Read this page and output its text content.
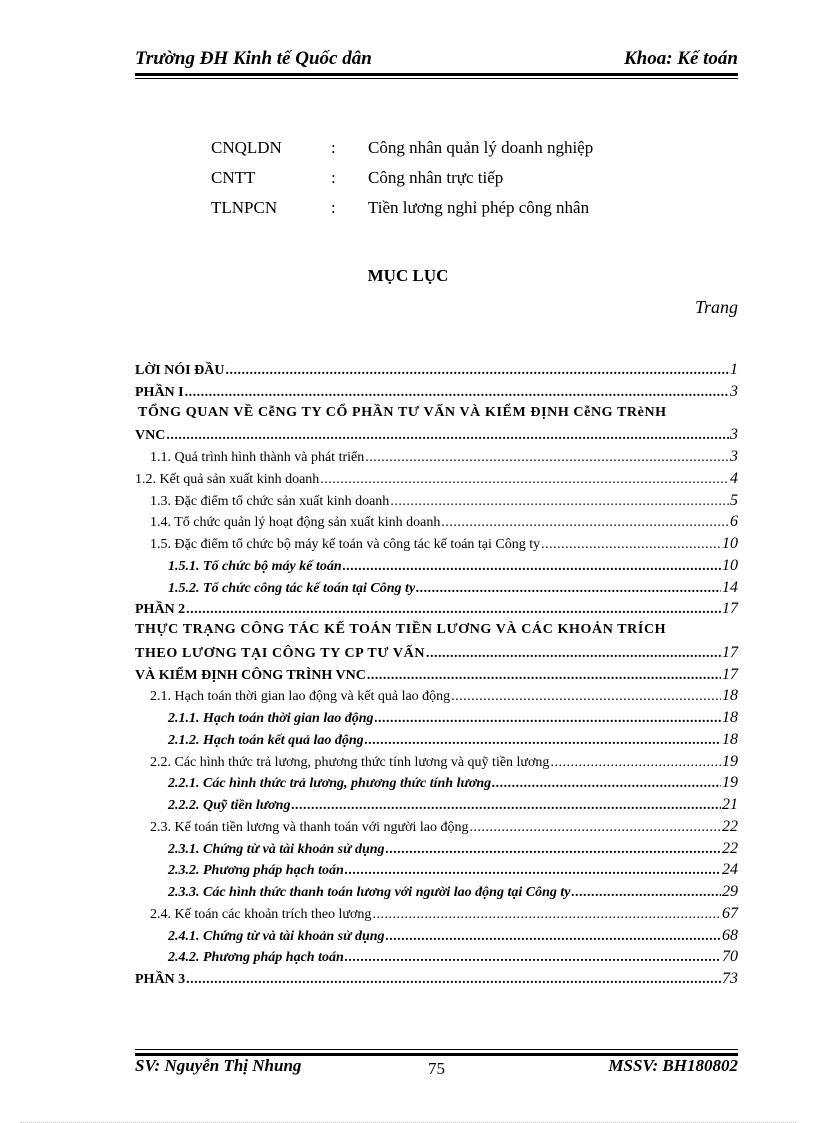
Trường ĐH Kinh tế Quốc dân	Khoa: Kế toán
CNQLDN	:	Công nhân quản lý doanh nghiệp
CNTT	:	Công nhân trực tiếp
TLNPCN	:	Tiền lương nghỉ phép công nhân
MỤC LỤC
Trang
LỜI NÓI ĐẦU .....	1
PHẦN I .....	3
TỔNG QUAN VỀ CễNG TY CỔ PHẦN TƯ VẤN VÀ KIỂM ĐỊNH CễNG TRèNH
VNC .....	3
1.1. Quá trình hình thành và phát triển .....	3
1.2. Kết quả sản xuất kinh doanh .....	4
1.3. Đặc điểm tổ chức sản xuất kinh doanh .....	5
1.4. Tổ chức quản lý hoạt động sản xuất kinh doanh .....	6
1.5. Đặc điểm tổ chức bộ máy kế toán và công tác kế toán tại Công ty .....	10
1.5.1. Tổ chức bộ máy kế toán .....	10
1.5.2. Tổ chức công tác kế toán tại Công ty .....	14
PHẦN 2 .....	17
THỰC TRẠNG CÔNG TÁC KẾ TOÁN TIỀN LƯƠNG VÀ CÁC KHOẢN TRÍCH
THEO LƯƠNG TẠI CÔNG TY CP TƯ VẤN .....	17
VÀ KIỂM ĐỊNH CÔNG TRÌNH VNC .....	17
2.1. Hạch toán thời gian lao động và kết quả lao động .....	18
2.1.1. Hạch toán thời gian lao động .....	18
2.1.2. Hạch toán kết quả lao động .....	18
2.2. Các hình thức trả lương, phương thức tính lương và quỹ tiền lương .....	19
2.2.1. Các hình thức trả lương, phương thức tính lương .....	19
2.2.2. Quỹ tiền lương .....	21
2.3. Kế toán tiền lương và thanh toán với người lao động .....	22
2.3.1. Chứng từ và tài khoản sử dụng .....	22
2.3.2. Phương pháp hạch toán .....	24
2.3.3. Các hình thức thanh toán lương với người lao động tại Công ty .....	29
2.4. Kế toán các khoản trích theo lương .....	67
2.4.1. Chứng từ và tài khoản sử dụng .....	68
2.4.2. Phương pháp hạch toán .....	70
PHẦN 3 .....	73
SV: Nguyễn Thị Nhung	75	MSSV: BH180802
